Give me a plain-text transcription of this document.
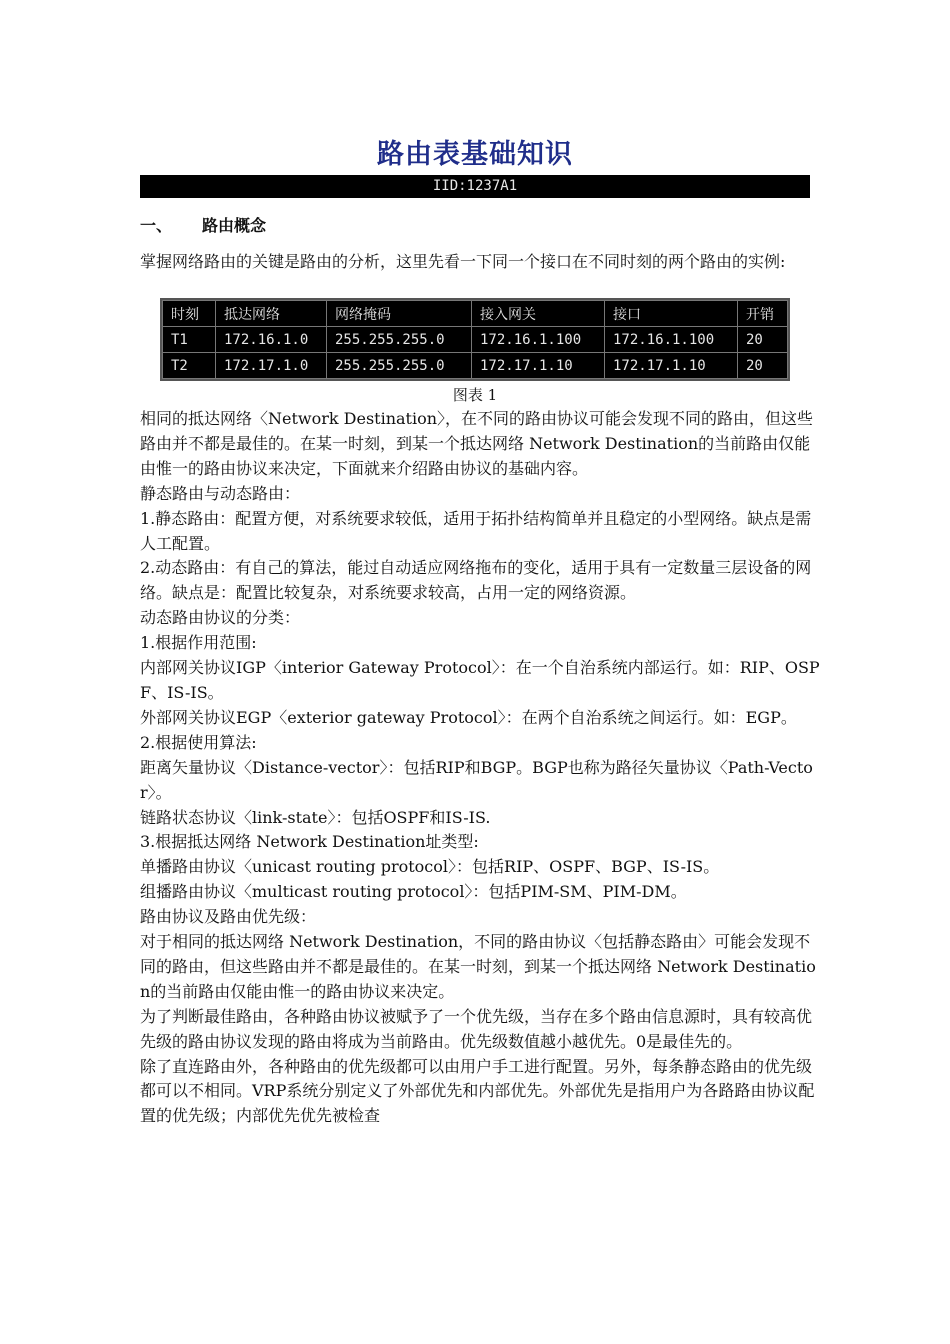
路由表基础知识
IID:1237A1
一、 路由概念
掌握网络路由的关键是路由的分析，这里先看一下同一个接口在不同时刻的两个路由的实例:
时刻	抵达网络	网络掩码	接入网关	接口	开销
T1	172.16.1.0	255.255.255.0	172.16.1.100	172.16.1.100	20
T2	172.17.1.0	255.255.255.0	172.17.1.10	172.17.1.10	20
图表 1

相同的抵达网络〈Network Destination〉，在不同的路由协议可能会发现不同的路由，但这些路由并不都是最佳的。在某一时刻，到某一个抵达网络 Network Destination的当前路由仅能由惟一的路由协议来决定，下面就来介绍路由协议的基础内容。

静态路由与动态路由：

1.静态路由：配置方便，对系统要求较低，适用于拓扑结构简单并且稳定的小型网络。缺点是需人工配置。

2.动态路由：有自己的算法，能过自动适应网络拖布的变化，适用于具有一定数量三层设备的网络。缺点是：配置比较复杂，对系统要求较高，占用一定的网络资源。

动态路由协议的分类：

1.根据作用范围:

内部网关协议IGP〈interior Gateway Protocol〉：在一个自治系统内部运行。如：RIP、OSPF、IS-IS。

外部网关协议EGP〈exterior gateway Protocol〉：在两个自治系统之间运行。如：EGP。

2.根据使用算法:

距离矢量协议〈Distance-vector〉：包括RIP和BGP。BGP也称为路径矢量协议〈Path-Vector〉。

链路状态协议〈link-state〉：包括OSPF和IS-IS.

3.根据抵达网络 Network Destination址类型:

单播路由协议〈unicast routing protocol〉：包括RIP、OSPF、BGP、IS-IS。

组播路由协议〈multicast routing protocol〉：包括PIM-SM、PIM-DM。

路由协议及路由优先级：

对于相同的抵达网络 Network Destination，不同的路由协议〈包括静态路由〉可能会发现不同的路由，但这些路由并不都是最佳的。在某一时刻，到某一个抵达网络 Network Destination的当前路由仅能由惟一的路由协议来决定。

为了判断最佳路由，各种路由协议被赋予了一个优先级，当存在多个路由信息源时，具有较高优先级的路由协议发现的路由将成为当前路由。优先级数值越小越优先。0是最佳先的。

除了直连路由外，各种路由的优先级都可以由用户手工进行配置。另外，每条静态路由的优先级都可以不相同。VRP系统分别定义了外部优先和内部优先。外部优先是指用户为各路路由协议配置的优先级；内部优先优先被检查
